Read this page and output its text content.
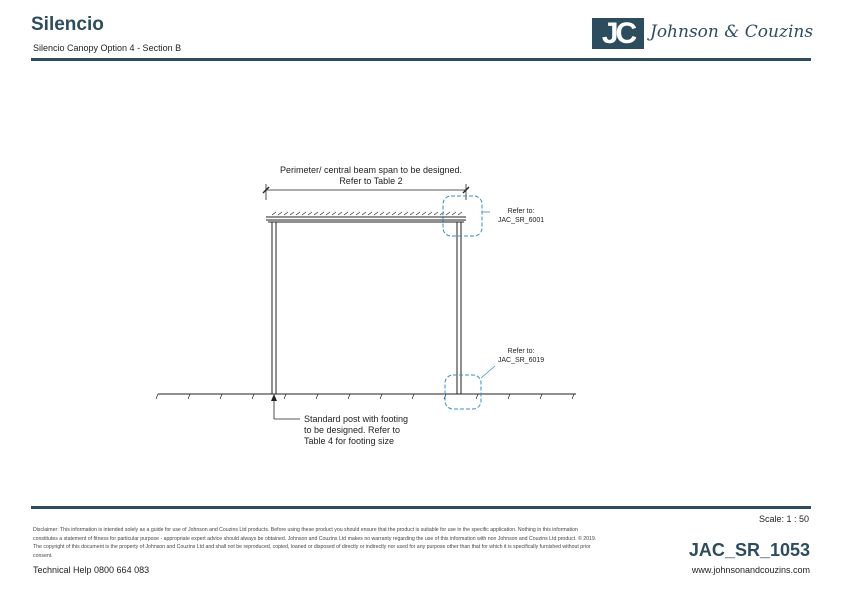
Silencio
Silencio Canopy Option 4 - Section B	JC Johnson & Couzins
Perimeter/ central beam span to be designed.
Refer to Table 2
Refer to:
JAC_SR_6001
Refer to:
JAC_SR_6019
Standard post with footing
to be designed. Refer to
Table 4 for footing size
Scale: 1 : 50
Disclaimer: This information is intended solely as a guide for use of Johnson and Couzins Ltd products. Before using these product you should ensure that the product is suitable for use in the specific application. Nothing in this information constitutes a statement of fitness for particular purpose - appropriate expert advice should always be obtained. Johnson and Couzins Ltd makes no warranty regarding the use of this information with non Johnson and Couzins Ltd product. © 2019. The copyright of this document is the property of Johnson and Couzins Ltd and shall not be reproduced, copied, loaned or disposed of directly or indirectly nor used for any purpose other than that for which it is specifically furnished without prior consent.
Technical Help 0800 664 083
JAC_SR_1053
www.johnsonandcouzins.com
